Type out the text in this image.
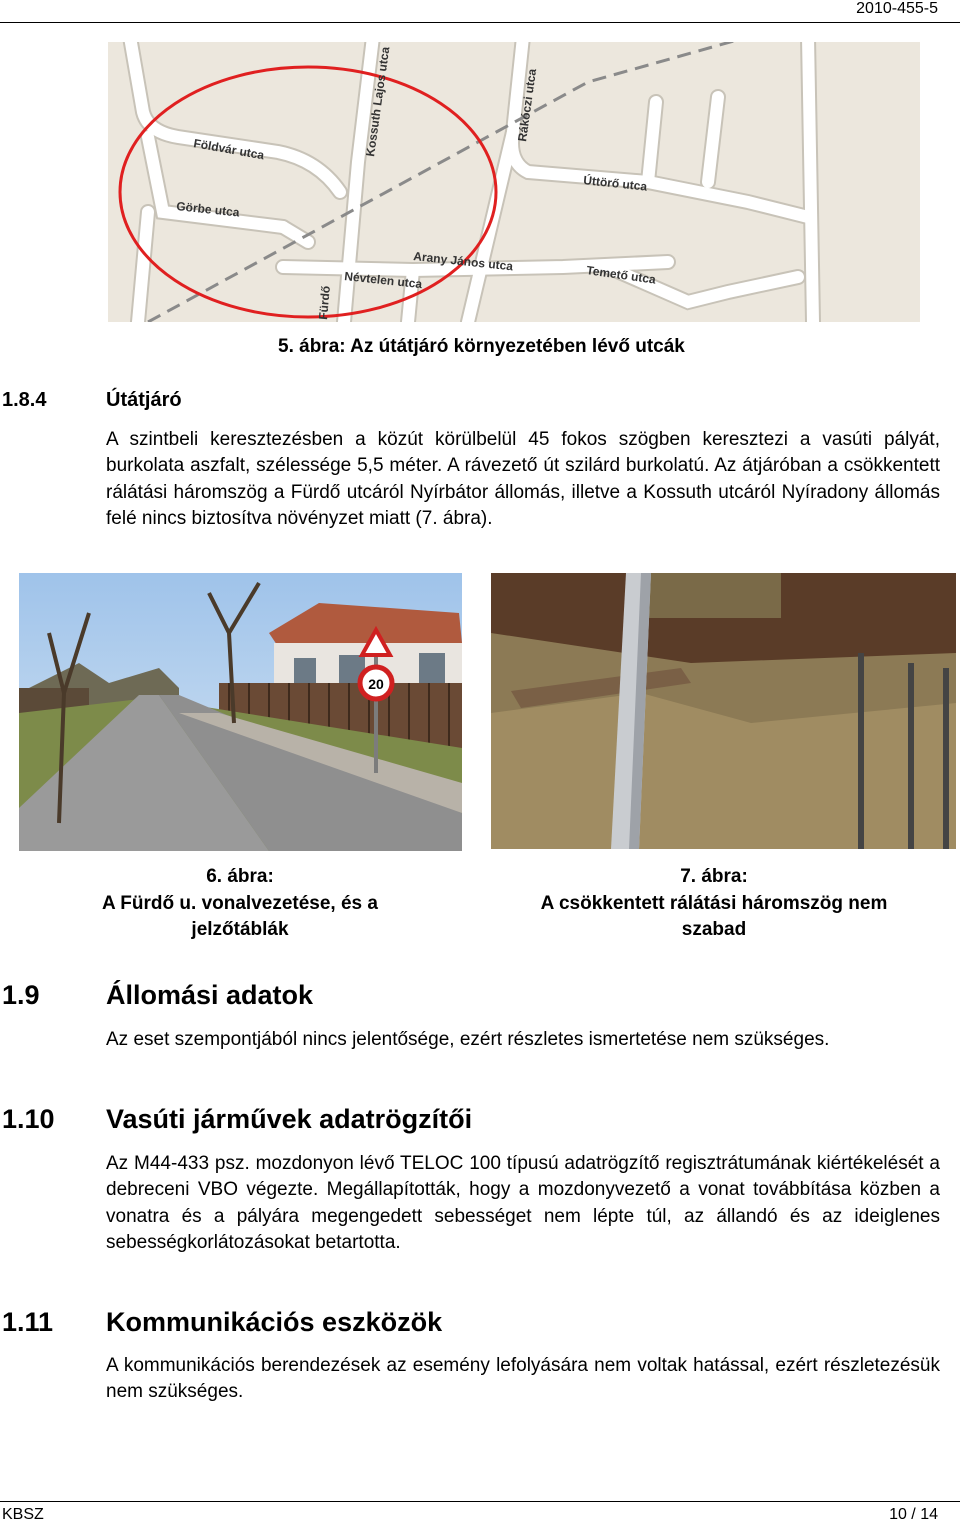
2010-455-5
Földvár utca
Görbe utca
Kossuth Lajos utca	Rákóczi utca
Úttörő utca
Arany János utca
Névtelen utca
Fürdő
Temető utca
5. ábra: Az útátjáró környezetében lévő utcák
1.8.4	Útátjáró
A szintbeli keresztezésben a közút körülbelül 45 fokos szögben keresztezi a vasúti pályát, burkolata aszfalt, szélessége 5,5 méter. A rávezető út szilárd burkolatú. Az átjáróban a csökkentett rálátási háromszög a Fürdő utcáról Nyírbátor állomás, illetve a Kossuth utcáról Nyíradony állomás felé nincs biztosítva növényzet miatt (7. ábra).
20
6. ábra:
A Fürdő u. vonalvezetése, és a
jelzőtáblák
7. ábra:
A csökkentett rálátási háromszög nem
szabad
1.9 Állomási adatok
Az eset szempontjából nincs jelentősége, ezért részletes ismertetése nem szükséges.
1.10 Vasúti járművek adatrögzítői
Az M44-433 psz. mozdonyon lévő TELOC 100 típusú adatrögzítő regisztrátumának kiértékelését a debreceni VBO végezte. Megállapították, hogy a mozdonyvezető a vonat továbbítása közben a vonatra és a pályára megengedett sebességet nem lépte túl, az állandó és az ideiglenes sebességkorlátozásokat betartotta.
1.11 Kommunikációs eszközök
A kommunikációs berendezések az esemény lefolyására nem voltak hatással, ezért részletezésük nem szükséges.
KBSZ	10 / 14
